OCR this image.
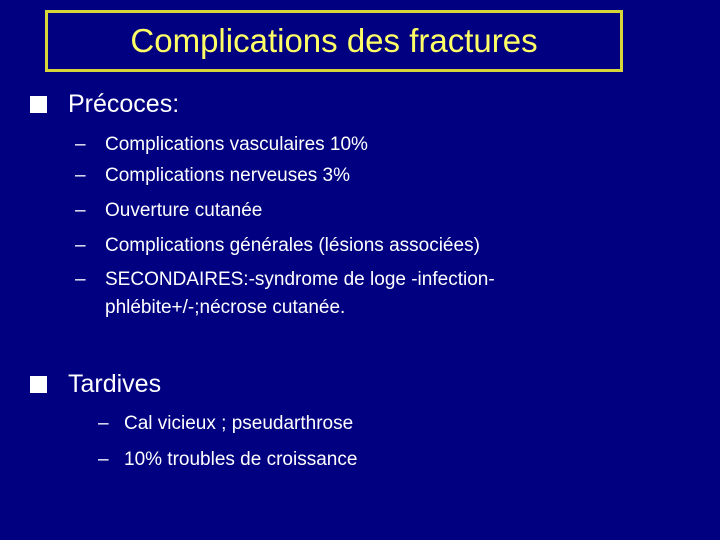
Complications des fractures
Précoces:
–	Complications vasculaires 10%
–	Complications nerveuses 3%
–	Ouverture cutanée
–	Complications générales (lésions associées)
–	SECONDAIRES:-syndrome de loge -infection-phlébite+/-;nécrose cutanée.
Tardives
– Cal vicieux ; pseudarthrose
– 10% troubles de croissance
